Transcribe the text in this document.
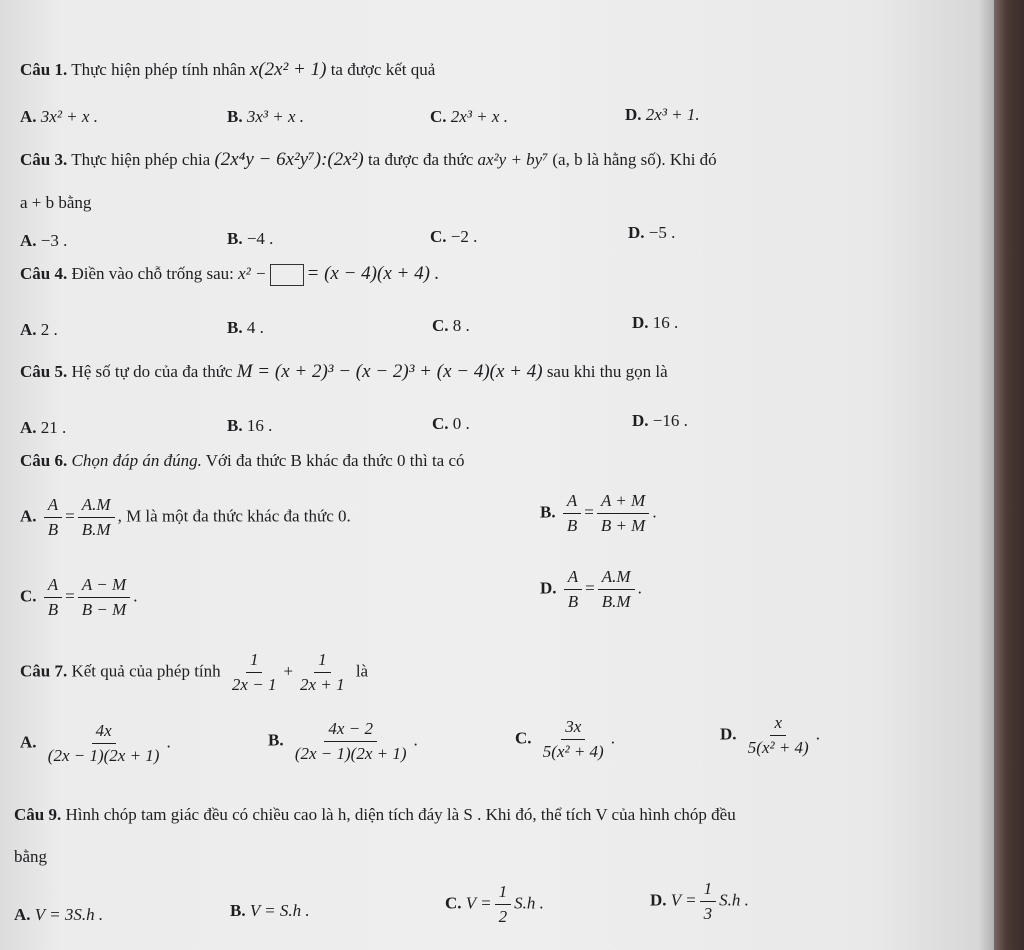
Câu 1. Thực hiện phép tính nhân x(2x² + 1) ta được kết quả
A. 3x² + x .	B. 3x³ + x .	C. 2x³ + x .	D. 2x³ + 1.
Câu 3. Thực hiện phép chia (2x⁴y − 6x²y⁷):(2x²) ta được đa thức ax²y + by⁷ (a, b là hằng số). Khi đó
a + b bằng
A. −3 .	B. −4 .	C. −2 .	D. −5 .
Câu 4. Điền vào chỗ trống sau: x² − = (x − 4)(x + 4) .
A. 2 .	B. 4 .	C. 8 .	D. 16 .
Câu 5. Hệ số tự do của đa thức M = (x + 2)³ − (x − 2)³ + (x − 4)(x + 4) sau khi thu gọn là
A. 21 .	B. 16 .	C. 0 .	D. −16 .
Câu 6. Chọn đáp án đúng. Với đa thức B khác đa thức 0 thì ta có
A. $\frac{A}{B} = \frac{A.M}{B.M}$ , M là một đa thức khác đa thức 0.	B. $\frac{A}{B} = \frac{A + M}{B + M}$ .
C. $\frac{A}{B} = \frac{A - M}{B - M}$ .	D. $\frac{A}{B} = \frac{A.M}{B.M}$ .
Câu 7. Kết quả của phép tính $\frac{1}{2x - 1} + \frac{1}{2x + 1}$ là
A. $\frac{4x}{(2x - 1)(2x + 1)}$ .	B. $\frac{4x - 2}{(2x - 1)(2x + 1)}$ .	C. $\frac{3x}{\text{5(x² + 4)}}$ .	D. $\frac{x}{\text{5(x² + 4)}}$ .
Câu 9. Hình chóp tam giác đều có chiều cao là h, diện tích đáy là S . Khi đó, thể tích V của hình chóp đều
bằng
A. V = 3S.h .	B. V = S.h .	C. $V = \frac{1}{2} S.h$ .	D. $V = \frac{1}{3} S.h$ .
